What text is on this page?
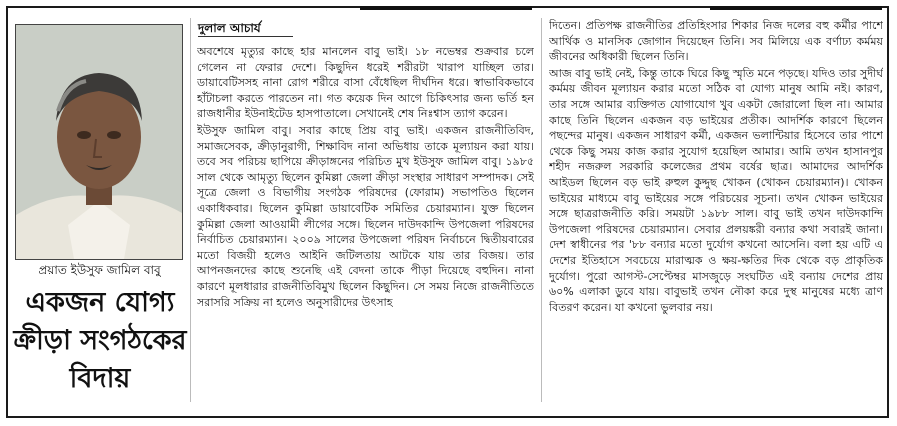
প্রয়াত ইউসুফ জামিল বাবু
একজন যোগ্য
ক্রীড়া সংগঠকের
বিদায়
দুলাল আচার্য

অবশেষে মৃত্যুর কাছে হার মানলেন বাবু ভাই। ১৮ নভেম্বর শুক্রবার চলে গেলেন না ফেরার দেশে। কিছুদিন ধরেই শরীরটা খারাপ যাচ্ছিল তার। ডায়াবেটিসসহ নানা রোগ শরীরে বাসা বেঁধেছিল দীর্ঘদিন ধরে। স্বাভাবিকভাবে হাঁটাচলা করতে পারতেন না। গত কয়েক দিন আগে চিকিৎসার জন্য ভর্তি হন রাজধানীর ইউনাইটেড হাসপাতালে। সেখানেই শেষ নিঃশ্বাস ত্যাগ করেন।

ইউসুফ জামিল বাবু। সবার কাছে প্রিয় বাবু ভাই। একজন রাজনীতিবিদ, সমাজসেবক, ক্রীড়ানুরাগী, শিক্ষাবিদ নানা অভিধায় তাকে মূল্যায়ন করা যায়। তবে সব পরিচয় ছাপিয়ে ক্রীড়াঙ্গনের পরিচিত মুখ ইউসুফ জামিল বাবু। ১৯৮৫ সাল থেকে আমৃত্যু ছিলেন কুমিল্লা জেলা ক্রীড়া সংস্থার সাধারণ সম্পাদক। সেই সূত্রে জেলা ও বিভাগীয় সংগঠক পরিষদের (ফোরাম) সভাপতিও ছিলেন একাধিকবার। ছিলেন কুমিল্লা ডায়াবেটিক সমিতির চেয়ারম্যান। যুক্ত ছিলেন কুমিল্লা জেলা আওয়ামী লীগের সঙ্গে। ছিলেন দাউদকান্দি উপজেলা পরিষদের নির্বাচিত চেয়ারম্যান। ২০০৯ সালের উপজেলা পরিষদ নির্বাচনে দ্বিতীয়বারের মতো বিজয়ী হলেও আইনি জটিলতায় আটকে যায় তার বিজয়। তার আপনজনদের কাছে শুনেছি এই বেদনা তাকে পীড়া দিয়েছে বহুদিন। নানা কারণে মূলধারার রাজনীতিবিমুখ ছিলেন কিছুদিন। সে সময় নিজে রাজনীতিতে সরাসরি সক্রিয় না হলেও অনুসারীদের উৎসাহ

দিতেন। প্রতিপক্ষ রাজনীতির প্রতিহিংসার শিকার নিজ দলের বহু কর্মীর পাশে আর্থিক ও মানসিক জোগান দিয়েছেন তিনি। সব মিলিয়ে এক বর্ণাঢ্য কর্মময় জীবনের অধিকারী ছিলেন তিনি।

আজ বাবু ভাই নেই, কিন্তু তাকে ঘিরে কিছু স্মৃতি মনে পড়ছে। যদিও তার সুদীর্ঘ কর্মময় জীবন মূল্যায়ন করার মতো সঠিক বা যোগ্য মানুষ আমি নই। কারণ, তার সঙ্গে আমার ব্যক্তিগত যোগাযোগ খুব একটা জোরালো ছিল না। আমার কাছে তিনি ছিলেন একজন বড় ভাইয়ের প্রতীক। আদর্শিক কারণে ছিলেন পছন্দের মানুষ। একজন সাধারণ কর্মী, একজন ভলান্টিয়ার হিসেবে তার পাশে থেকে কিছু সময় কাজ করার সুযোগ হয়েছিল আমার। আমি তখন হাসানপুর শহীদ নজরুল সরকারি কলেজের প্রথম বর্ষের ছাত্র। আমাদের আদর্শিক আইডল ছিলেন বড় ভাই রুহুল কুদ্দুছ খোকন (খোকন চেয়ারম্যান)। খোকন ভাইয়ের মাধ্যমে বাবু ভাইয়ের সঙ্গে পরিচয়ের সূচনা। তখন খোকন ভাইয়ের সঙ্গে ছাত্ররাজনীতি করি। সময়টা ১৯৮৮ সাল। বাবু ভাই তখন দাউদকান্দি উপজেলা পরিষদের চেয়ারম্যান। সেবার প্রলয়ঙ্করী বন্যার কথা সবারই জানা। দেশ স্বাধীনের পর '৮৮ বন্যার মতো দুর্যোগ কখনো আসেনি। বলা হয় এটি এ দেশের ইতিহাসে সবচেয়ে মারাত্মক ও ক্ষয়-ক্ষতির দিক থেকে বড় প্রাকৃতিক দুর্যোগ। পুরো আগস্ট-সেপ্টেম্বর মাসজুড়ে সংঘটিত এই বন্যায় দেশের প্রায় ৬০% এলাকা ডুবে যায়। বাবুভাই তখন নৌকা করে দুস্থ মানুষের মধ্যে ত্রাণ বিতরণ করেন। যা কখনো ভুলবার নয়।
